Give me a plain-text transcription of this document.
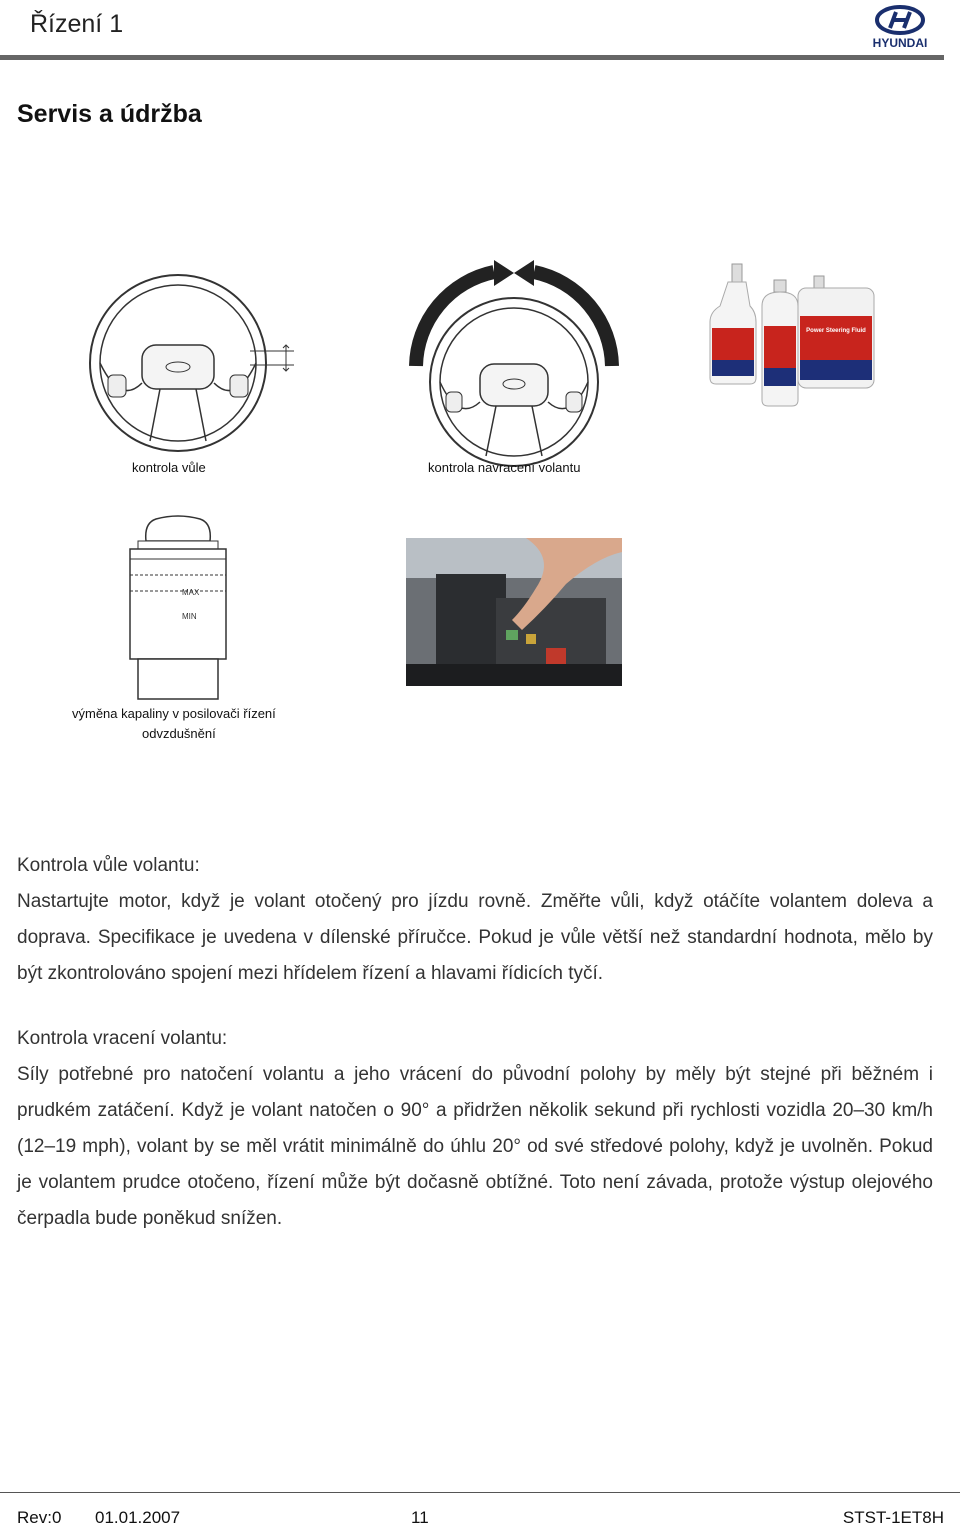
Řízení 1
HYUNDAI
Servis a údržba
Power Steering Fluid
kontrola vůle	kontrola navracení volantu
MAX
MIN
výměna kapaliny v posilovači řízení
odvzdušnění

Kontrola vůle volantu:

Nastartujte motor, když je volant otočený pro jízdu rovně. Změřte vůli, když otáčíte volantem doleva a doprava. Specifikace je uvedena v dílenské příručce. Pokud je vůle větší než standardní hodnota, mělo by být zkontrolováno spojení mezi hřídelem řízení a hlavami řídicích tyčí.

Kontrola vracení volantu:

Síly potřebné pro natočení volantu a jeho vrácení do původní polohy by měly být stejné při běžném i prudkém zatáčení. Když je volant natočen o 90° a přidržen několik sekund při rychlosti vozidla 20–30 km/h (12–19 mph), volant by se měl vrátit minimálně do úhlu 20° od své středové polohy, když je uvolněn. Pokud je volantem prudce otočeno, řízení může být dočasně obtížné. Toto není závada, protože výstup olejového čerpadla bude poněkud snížen.

Rev:0 01.01.2007	11	STST-1ET8H
